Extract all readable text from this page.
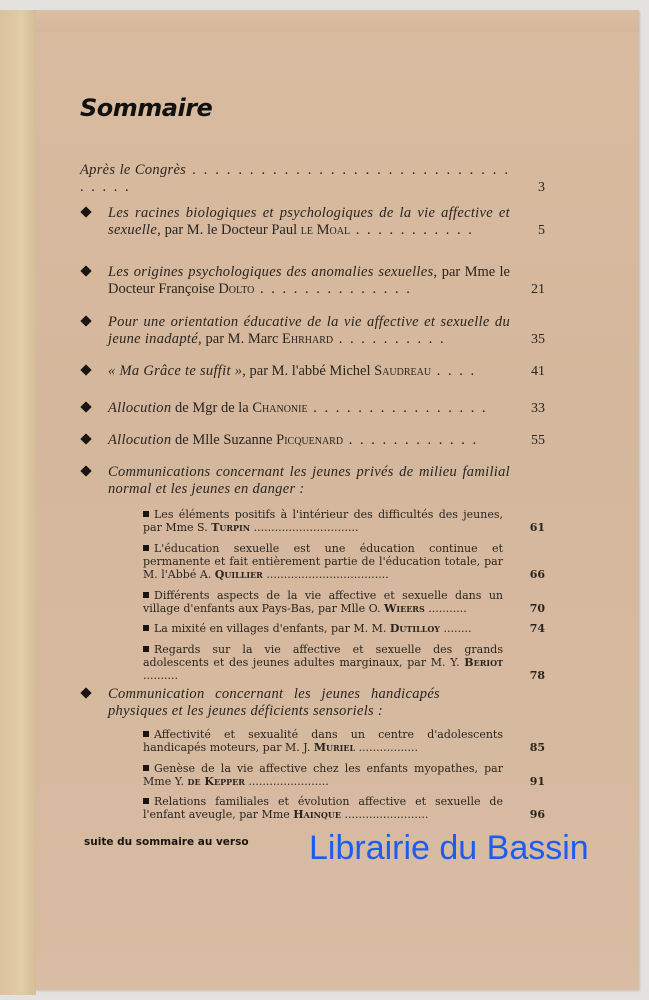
Sommaire
Après le Congrès . . . . . . . . . . . . . . . . . . . . . . . . . . . . . . . . .	3
Les racines biologiques et psychologiques de la vie affective et sexuelle, par M. le Docteur Paul le Moal . . . . . . . . . . .	5
Les origines psychologiques des anomalies sexuelles, par Mme le Docteur Françoise Dolto . . . . . . . . . . . . . .	21
Pour une orientation éducative de la vie affective et sexuelle du jeune inadapté, par M. Marc Ehrhard . . . . . . . . . .	35
« Ma Grâce te suffit », par M. l'abbé Michel Saudreau . . . .	41
Allocution de Mgr de la Chanonie . . . . . . . . . . . . . . . .	33
Allocution de Mlle Suzanne Picquenard . . . . . . . . . . . .	55
Communications concernant les jeunes privés de milieu familial normal et les jeunes en danger :
Les éléments positifs à l'intérieur des difficultés des jeunes, par Mme S. Turpin ..............................	61
L'éducation sexuelle est une éducation continue et permanente et fait entièrement partie de l'éducation totale, par M. l'Abbé A. Quillier ...................................	66
Différents aspects de la vie affective et sexuelle dans un village d'enfants aux Pays-Bas, par Mlle O. Wieers ...........	70
La mixité en villages d'enfants, par M. M. Dutilloy ........	74
Regards sur la vie affective et sexuelle des grands adolescents et des jeunes adultes marginaux, par M. Y. Beriot ..........	78
Communication concernant les jeunes handicapés physiques et les jeunes déficients sensoriels :
Affectivité et sexualité dans un centre d'adolescents handicapés moteurs, par M. J. Muriel .................	85
Genèse de la vie affective chez les enfants myopathes, par Mme Y. de Kepper .......................	91
Relations familiales et évolution affective et sexuelle de l'enfant aveugle, par Mme Hainque ........................	96
suite du sommaire au verso Librairie du Bassin
